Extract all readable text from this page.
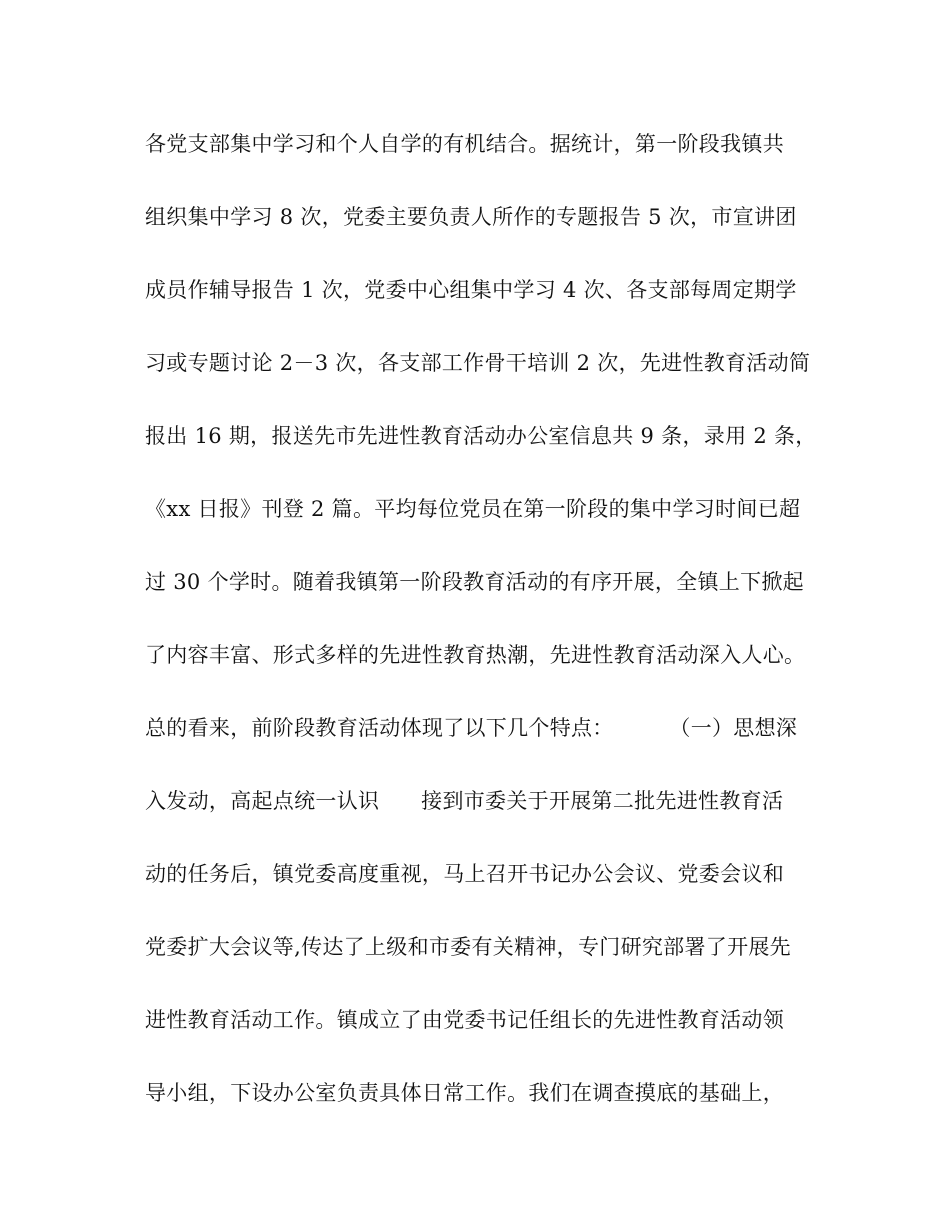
各党支部集中学习和个人自学的有机结合。据统计，第一阶段我镇共
组织集中学习 8 次，党委主要负责人所作的专题报告 5 次，市宣讲团
成员作辅导报告 1 次，党委中心组集中学习 4 次、各支部每周定期学
习或专题讨论 2－3 次，各支部工作骨干培训 2 次，先进性教育活动简
报出 16 期，报送先市先进性教育活动办公室信息共 9 条，录用 2 条，
《xx 日报》刊登 2 篇。平均每位党员在第一阶段的集中学习时间已超
过 30 个学时。随着我镇第一阶段教育活动的有序开展，全镇上下掀起
了内容丰富、形式多样的先进性教育热潮，先进性教育活动深入人心。
总的看来，前阶段教育活动体现了以下几个特点：        （一）思想深
入发动，高起点统一认识      接到市委关于开展第二批先进性教育活
动的任务后，镇党委高度重视，马上召开书记办公会议、党委会议和
党委扩大会议等,传达了上级和市委有关精神，专门研究部署了开展先
进性教育活动工作。镇成立了由党委书记任组长的先进性教育活动领
导小组，下设办公室负责具体日常工作。我们在调查摸底的基础上，
